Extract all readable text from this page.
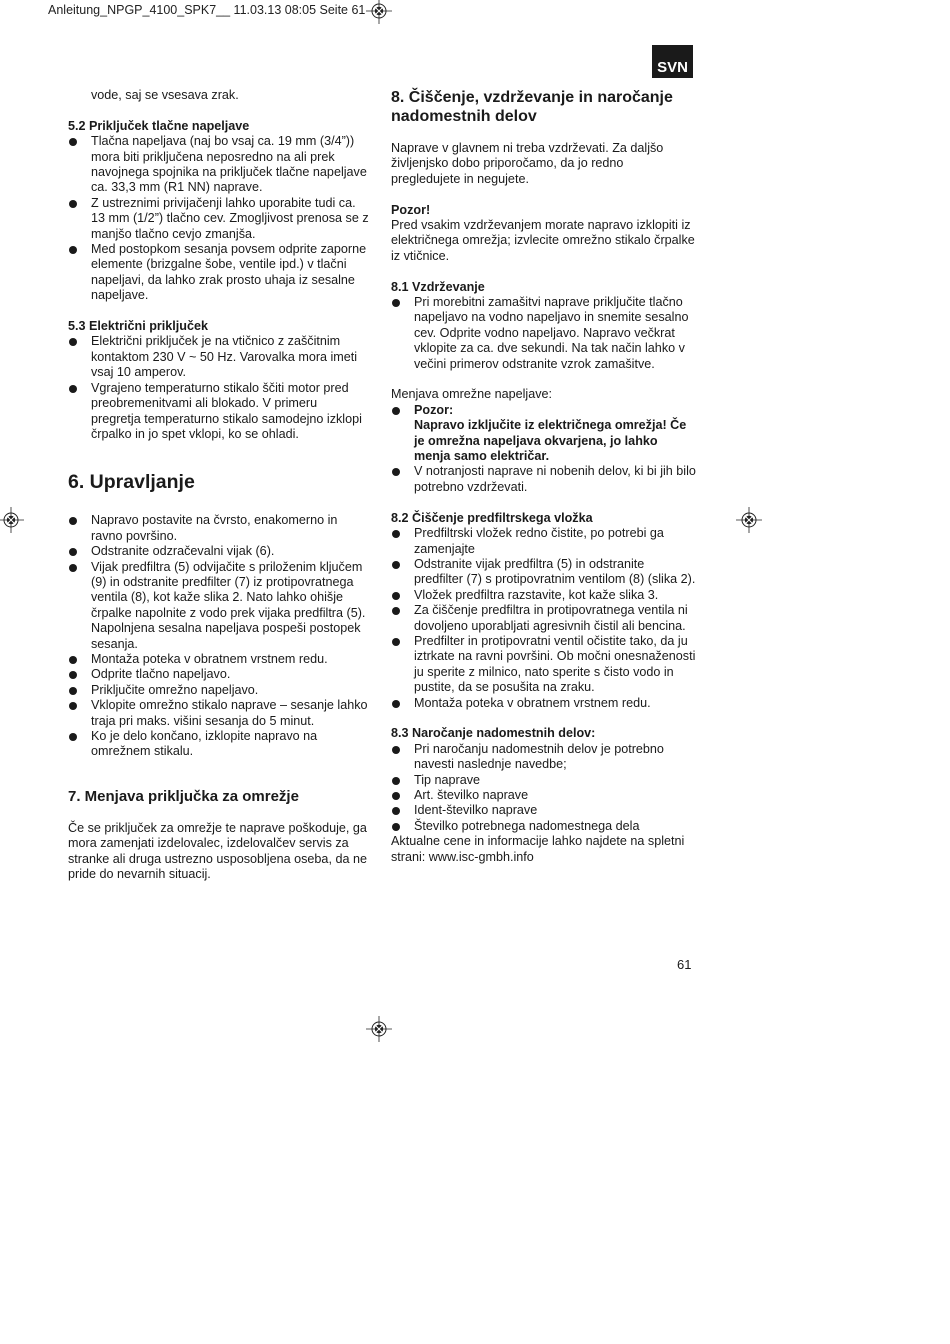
Anleitung_NPGP_4100_SPK7__ 11.03.13 08:05 Seite 61
SVN

vode, saj se vsesava zrak.

5.2 Priključek tlačne napeljave

Tlačna napeljava (naj bo vsaj ca. 19 mm (3/4”)) mora biti priključena neposredno na ali prek navojnega spojnika na priključek tlačne napeljave ca. 33,3 mm (R1 NN) naprave.
Z ustreznimi privijačenji lahko uporabite tudi ca. 13 mm (1/2”) tlačno cev. Zmogljivost prenosa se z manjšo tlačno cevjo zmanjša.
Med postopkom sesanja povsem odprite zaporne elemente (brizgalne šobe, ventile ipd.) v tlačni napeljavi, da lahko zrak prosto uhaja iz sesalne napeljave.

5.3 Električni priključek

Električni priključek je na vtičnico z zaščitnim kontaktom 230 V ~ 50 Hz. Varovalka mora imeti vsaj 10 amperov.
Vgrajeno temperaturno stikalo ščiti motor pred preobremenitvami ali blokado. V primeru pregretja temperaturno stikalo samodejno izklopi črpalko in jo spet vklopi, ko se ohladi.

6. Upravljanje

Napravo postavite na čvrsto, enakomerno in ravno površino.
Odstranite odzračevalni vijak (6).
Vijak predfiltra (5) odvijačite s priloženim ključem (9) in odstranite predfilter (7) iz protipovratnega ventila (8), kot kaže slika 2. Nato lahko ohišje črpalke napolnite z vodo prek vijaka predfiltra (5). Napolnjena sesalna napeljava pospeši postopek sesanja.
Montaža poteka v obratnem vrstnem redu.
Odprite tlačno napeljavo.
Priključite omrežno napeljavo.
Vklopite omrežno stikalo naprave – sesanje lahko traja pri maks. višini sesanja do 5 minut.
Ko je delo končano, izklopite napravo na omrežnem stikalu.

7. Menjava priključka za omrežje

Če se priključek za omrežje te naprave poškoduje, ga mora zamenjati izdelovalec, izdelovalčev servis za stranke ali druga ustrezno usposobljena oseba, da ne pride do nevarnih situacij.

8. Čiščenje, vzdrževanje in naročanje nadomestnih delov

Naprave v glavnem ni treba vzdrževati. Za daljšo življenjsko dobo priporočamo, da jo redno pregledujete in negujete.

Pozor!

Pred vsakim vzdrževanjem morate napravo izklopiti iz električnega omrežja; izvlecite omrežno stikalo črpalke iz vtičnice.

8.1 Vzdrževanje

Pri morebitni zamašitvi naprave priključite tlačno napeljavo na vodno napeljavo in snemite sesalno cev. Odprite vodno napeljavo. Napravo večkrat vklopite za ca. dve sekundi. Na tak način lahko v večini primerov odstranite vzrok zamašitve.

Menjava omrežne napeljave:

Pozor:
Napravo izključite iz električnega omrežja! Če je omrežna napeljava okvarjena, jo lahko menja samo električar.
V notranjosti naprave ni nobenih delov, ki bi jih bilo potrebno vzdrževati.

8.2 Čiščenje predfiltrskega vložka

Predfiltrski vložek redno čistite, po potrebi ga zamenjajte
Odstranite vijak predfiltra (5) in odstranite predfilter (7) s protipovratnim ventilom (8) (slika 2).
Vložek predfiltra razstavite, kot kaže slika 3.
Za čiščenje predfiltra in protipovratnega ventila ni dovoljeno uporabljati agresivnih čistil ali bencina.
Predfilter in protipovratni ventil očistite tako, da ju iztrkate na ravni površini. Ob močni onesnaženosti ju sperite z milnico, nato sperite s čisto vodo in pustite, da se posušita na zraku.
Montaža poteka v obratnem vrstnem redu.

8.3 Naročanje nadomestnih delov:

Pri naročanju nadomestnih delov je potrebno navesti naslednje navedbe;
Tip naprave
Art. številko naprave
Ident-številko naprave
Številko potrebnega nadomestnega dela

Aktualne cene in informacije lahko najdete na spletni strani: www.isc-gmbh.info

61
